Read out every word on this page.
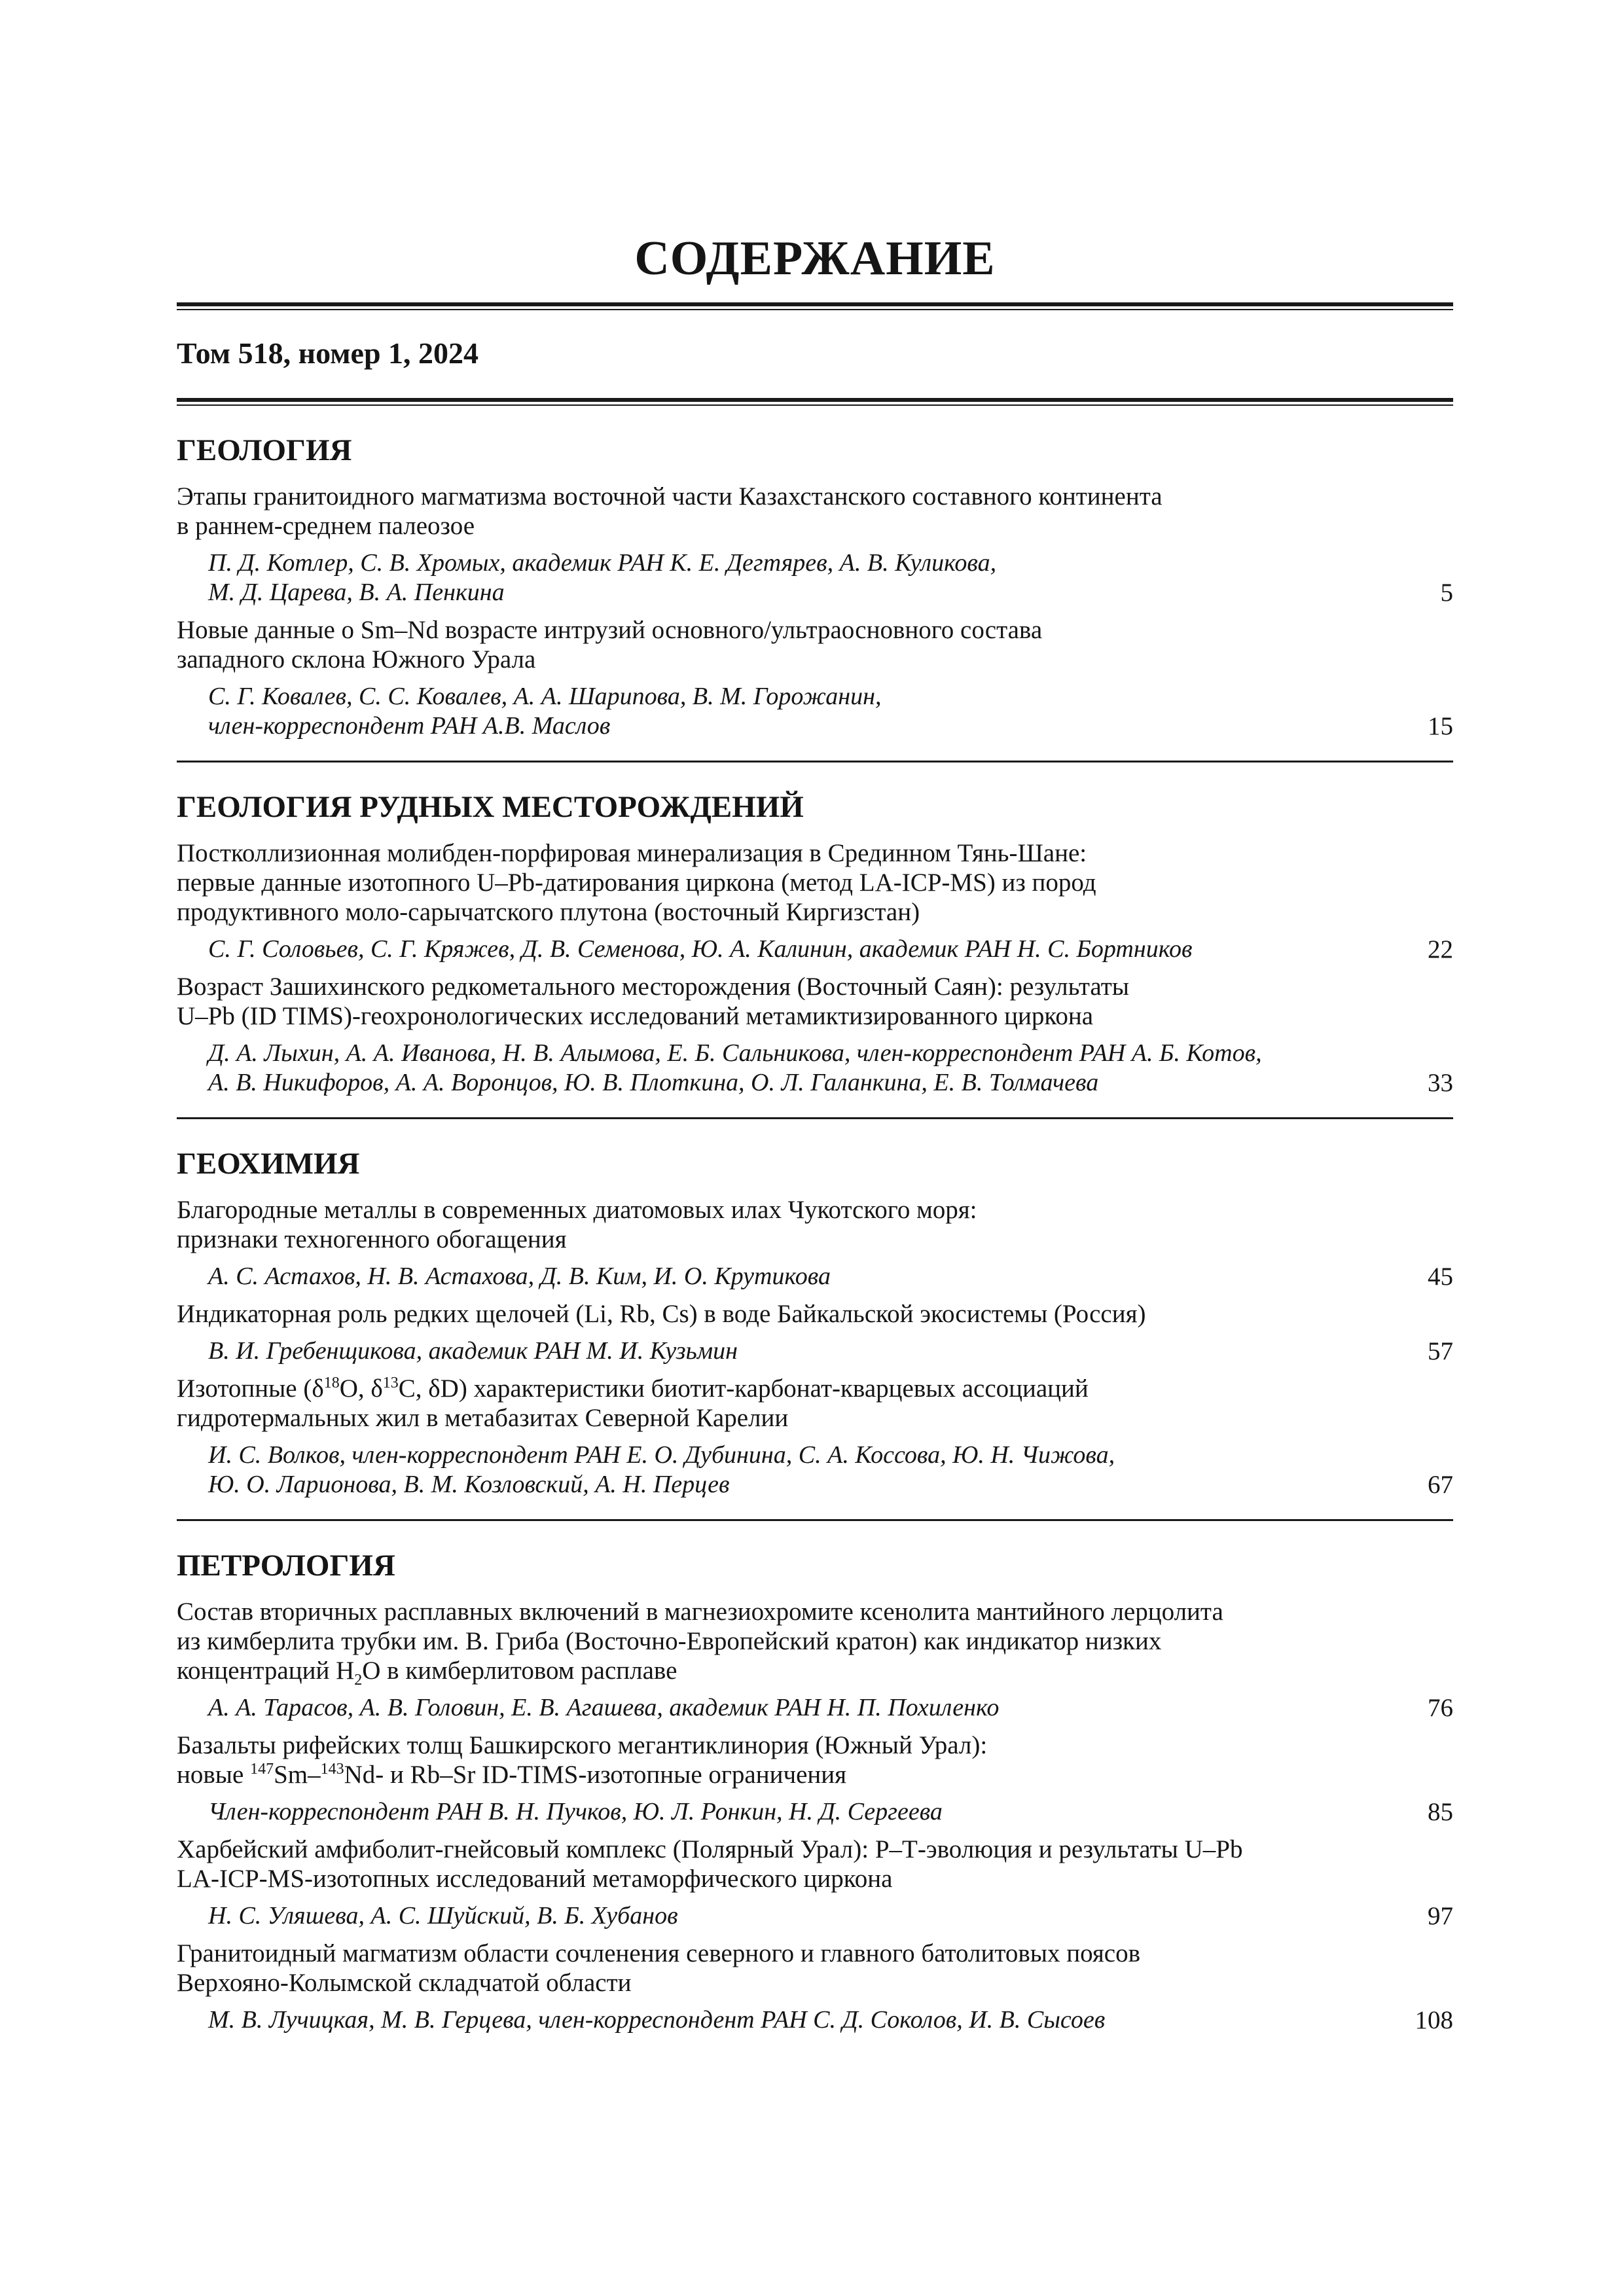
СОДЕРЖАНИЕ
Том 518, номер 1, 2024
ГЕОЛОГИЯ
Этапы гранитоидного магматизма восточной части Казахстанского составного континента
в раннем-среднем палеозое
П. Д. Котлер, С. В. Хромых, академик РАН К. Е. Дегтярев, А. В. Куликова,
М. Д. Царева, В. А. Пенкина	5
Новые данные о Sm–Nd возрасте интрузий основного/ультраосновного состава
западного склона Южного Урала
С. Г. Ковалев, С. С. Ковалев, А. А. Шарипова, В. М. Горожанин,
член-корреспондент РАН А.В. Маслов	15
ГЕОЛОГИЯ РУДНЫХ МЕСТОРОЖДЕНИЙ
Постколлизионная молибден-порфировая минерализация в Срединном Тянь-Шане:
первые данные изотопного U–Pb-датирования циркона (метод LA-ICP-MS) из пород
продуктивного моло-сарычатского плутона (восточный Киргизстан)
С. Г. Соловьев, С. Г. Кряжев, Д. В. Семенова, Ю. А. Калинин, академик РАН Н. С. Бортников	22
Возраст Зашихинского редкометального месторождения (Восточный Саян): результаты
U–Pb (ID TIMS)-геохронологических исследований метамиктизированного циркона
Д. А. Лыхин, А. А. Иванова, Н. В. Алымова, Е. Б. Сальникова, член-корреспондент РАН А. Б. Котов,
А. В. Никифоров, А. А. Воронцов, Ю. В. Плоткина, О. Л. Галанкина, Е. В. Толмачева	33
ГЕОХИМИЯ
Благородные металлы в современных диатомовых илах Чукотского моря:
признаки техногенного обогащения
А. С. Астахов, Н. В. Астахова, Д. В. Ким, И. О. Крутикова	45
Индикаторная роль редких щелочей (Li, Rb, Cs) в воде Байкальской экосистемы (Россия)
В. И. Гребенщикова, академик РАН М. И. Кузьмин	57
Изотопные ($\delta^{18}O$, $\delta^{13}C$, δD) характеристики биотит-карбонат-кварцевых ассоциаций
гидротермальных жил в метабазитах Северной Карелии
И. С. Волков, член-корреспондент РАН Е. О. Дубинина, С. А. Коссова, Ю. Н. Чижова,
Ю. О. Ларионова, В. М. Козловский, А. Н. Перцев	67
ПЕТРОЛОГИЯ
Состав вторичных расплавных включений в магнезиохромите ксенолита мантийного лерцолита
из кимберлита трубки им. В. Гриба (Восточно-Европейский кратон) как индикатор низких
концентраций $H_2O$ в кимберлитовом расплаве
А. А. Тарасов, А. В. Головин, Е. В. Агашева, академик РАН Н. П. Похиленко	76
Базальты рифейских толщ Башкирского мегантиклинория (Южный Урал):
новые $^{147}$Sm–$^{143}$Nd- и Rb–Sr ID-TIMS-изотопные ограничения
Член-корреспондент РАН В. Н. Пучков, Ю. Л. Ронкин, Н. Д. Сергеева	85
Харбейский амфиболит-гнейсовый комплекс (Полярный Урал): Р–Т-эволюция и результаты U–Pb
LA-ICP-MS-изотопных исследований метаморфического циркона
Н. С. Уляшева, А. С. Шуйский, В. Б. Хубанов	97
Гранитоидный магматизм области сочленения северного и главного батолитовых поясов
Верхояно-Колымской складчатой области
М. В. Лучицкая, М. В. Герцева, член-корреспондент РАН С. Д. Соколов, И. В. Сысоев	108
